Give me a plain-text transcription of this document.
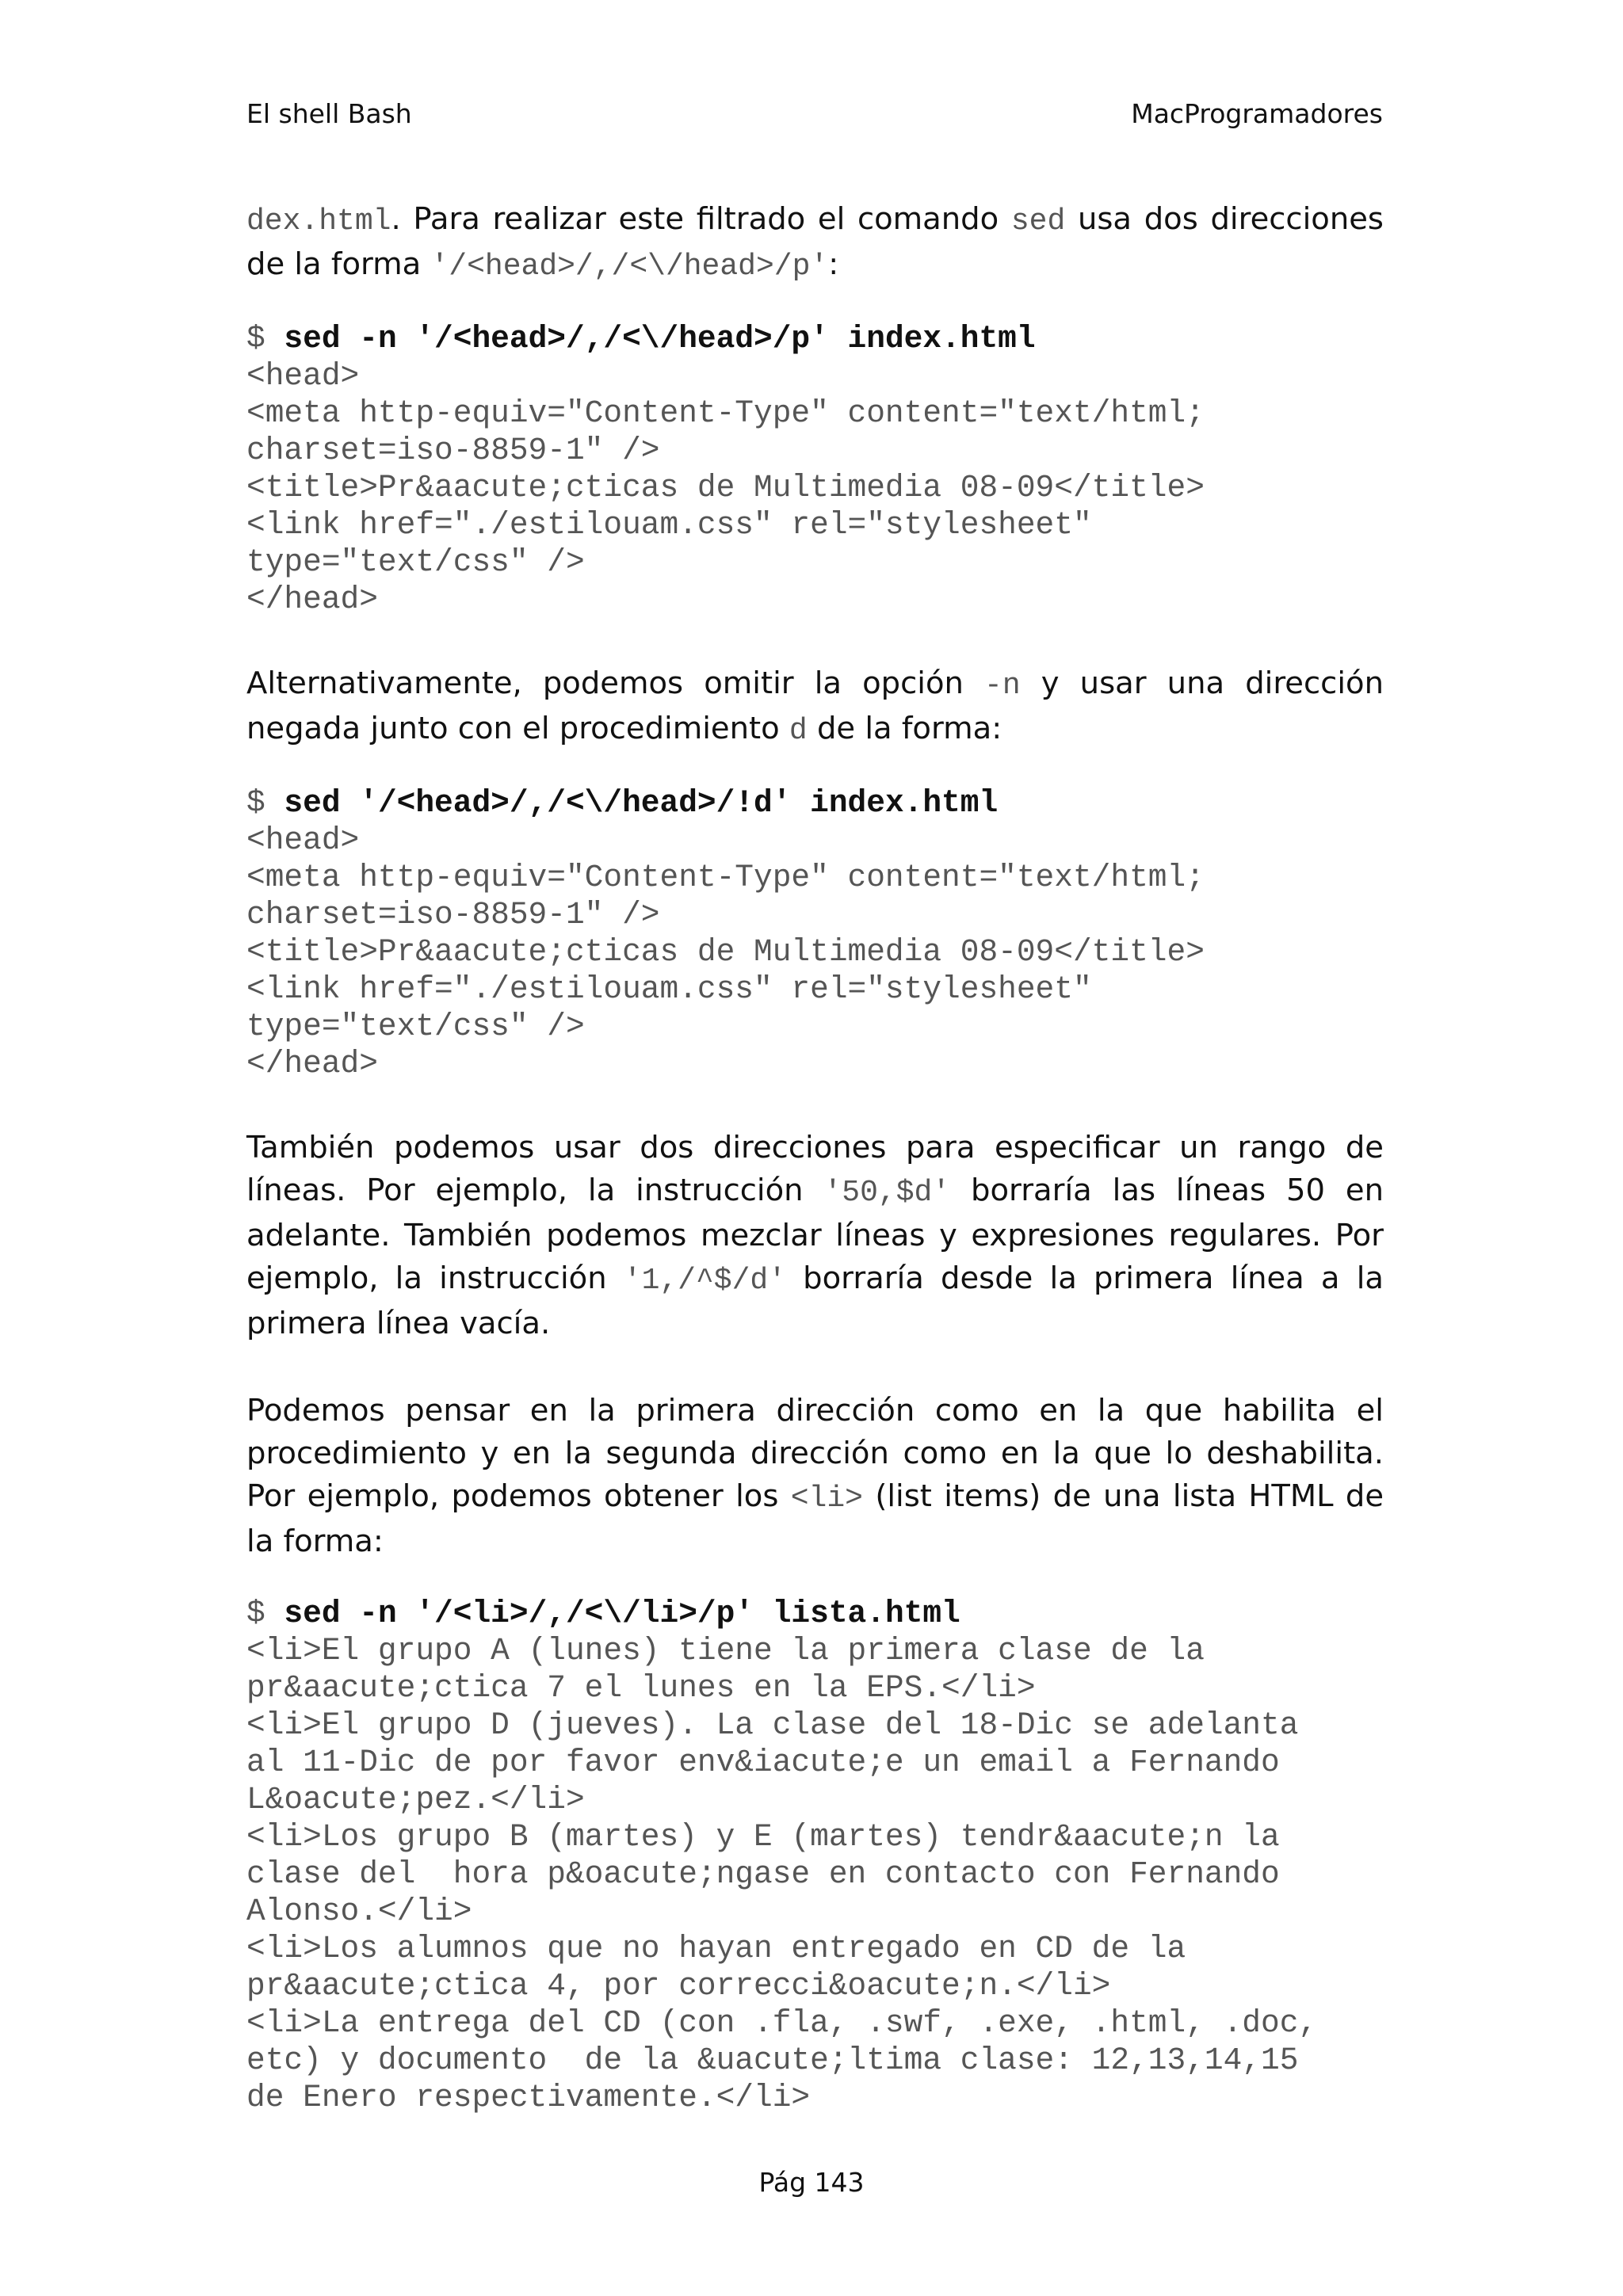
El shell Bash	MacProgramadores

dex.html. Para realizar este filtrado el comando sed usa dos direcciones de la forma '/<head>/,/<\/head>/p':

$ sed -n '/<head>/,/<\/head>/p' index.html
<head>
<meta http-equiv="Content-Type" content="text/html;
charset=iso-8859-1" />
<title>Pr&aacute;cticas de Multimedia 08-09</title>
<link href="./estilouam.css" rel="stylesheet"
type="text/css" />
</head>

Alternativamente, podemos omitir la opción -n y usar una dirección negada junto con el procedimiento d de la forma:

$ sed '/<head>/,/<\/head>/!d' index.html
<head>
<meta http-equiv="Content-Type" content="text/html;
charset=iso-8859-1" />
<title>Pr&aacute;cticas de Multimedia 08-09</title>
<link href="./estilouam.css" rel="stylesheet"
type="text/css" />
</head>

También podemos usar dos direcciones para especificar un rango de líneas. Por ejemplo, la instrucción '50,$d' borraría las líneas 50 en adelante. También podemos mezclar líneas y expresiones regulares. Por ejemplo, la instrucción '1,/^$/d' borraría desde la primera línea a la primera línea vacía.

Podemos pensar en la primera dirección como en la que habilita el procedimiento y en la segunda dirección como en la que lo deshabilita. Por ejemplo, podemos obtener los <li> (list items) de una lista HTML de la forma:

$ sed -n '/<li>/,/<\/li>/p' lista.html
<li>El grupo A (lunes) tiene la primera clase de la
pr&aacute;ctica 7 el lunes en la EPS.</li>
<li>El grupo D (jueves). La clase del 18-Dic se adelanta
al 11-Dic de por favor env&iacute;e un email a Fernando
L&oacute;pez.</li>
<li>Los grupo B (martes) y E (martes) tendr&aacute;n la
clase del  hora p&oacute;ngase en contacto con Fernando
Alonso.</li>
<li>Los alumnos que no hayan entregado en CD de la
pr&aacute;ctica 4, por correcci&oacute;n.</li>
<li>La entrega del CD (con .fla, .swf, .exe, .html, .doc,
etc) y documento  de la &uacute;ltima clase: 12,13,14,15
de Enero respectivamente.</li>
Pág 143
